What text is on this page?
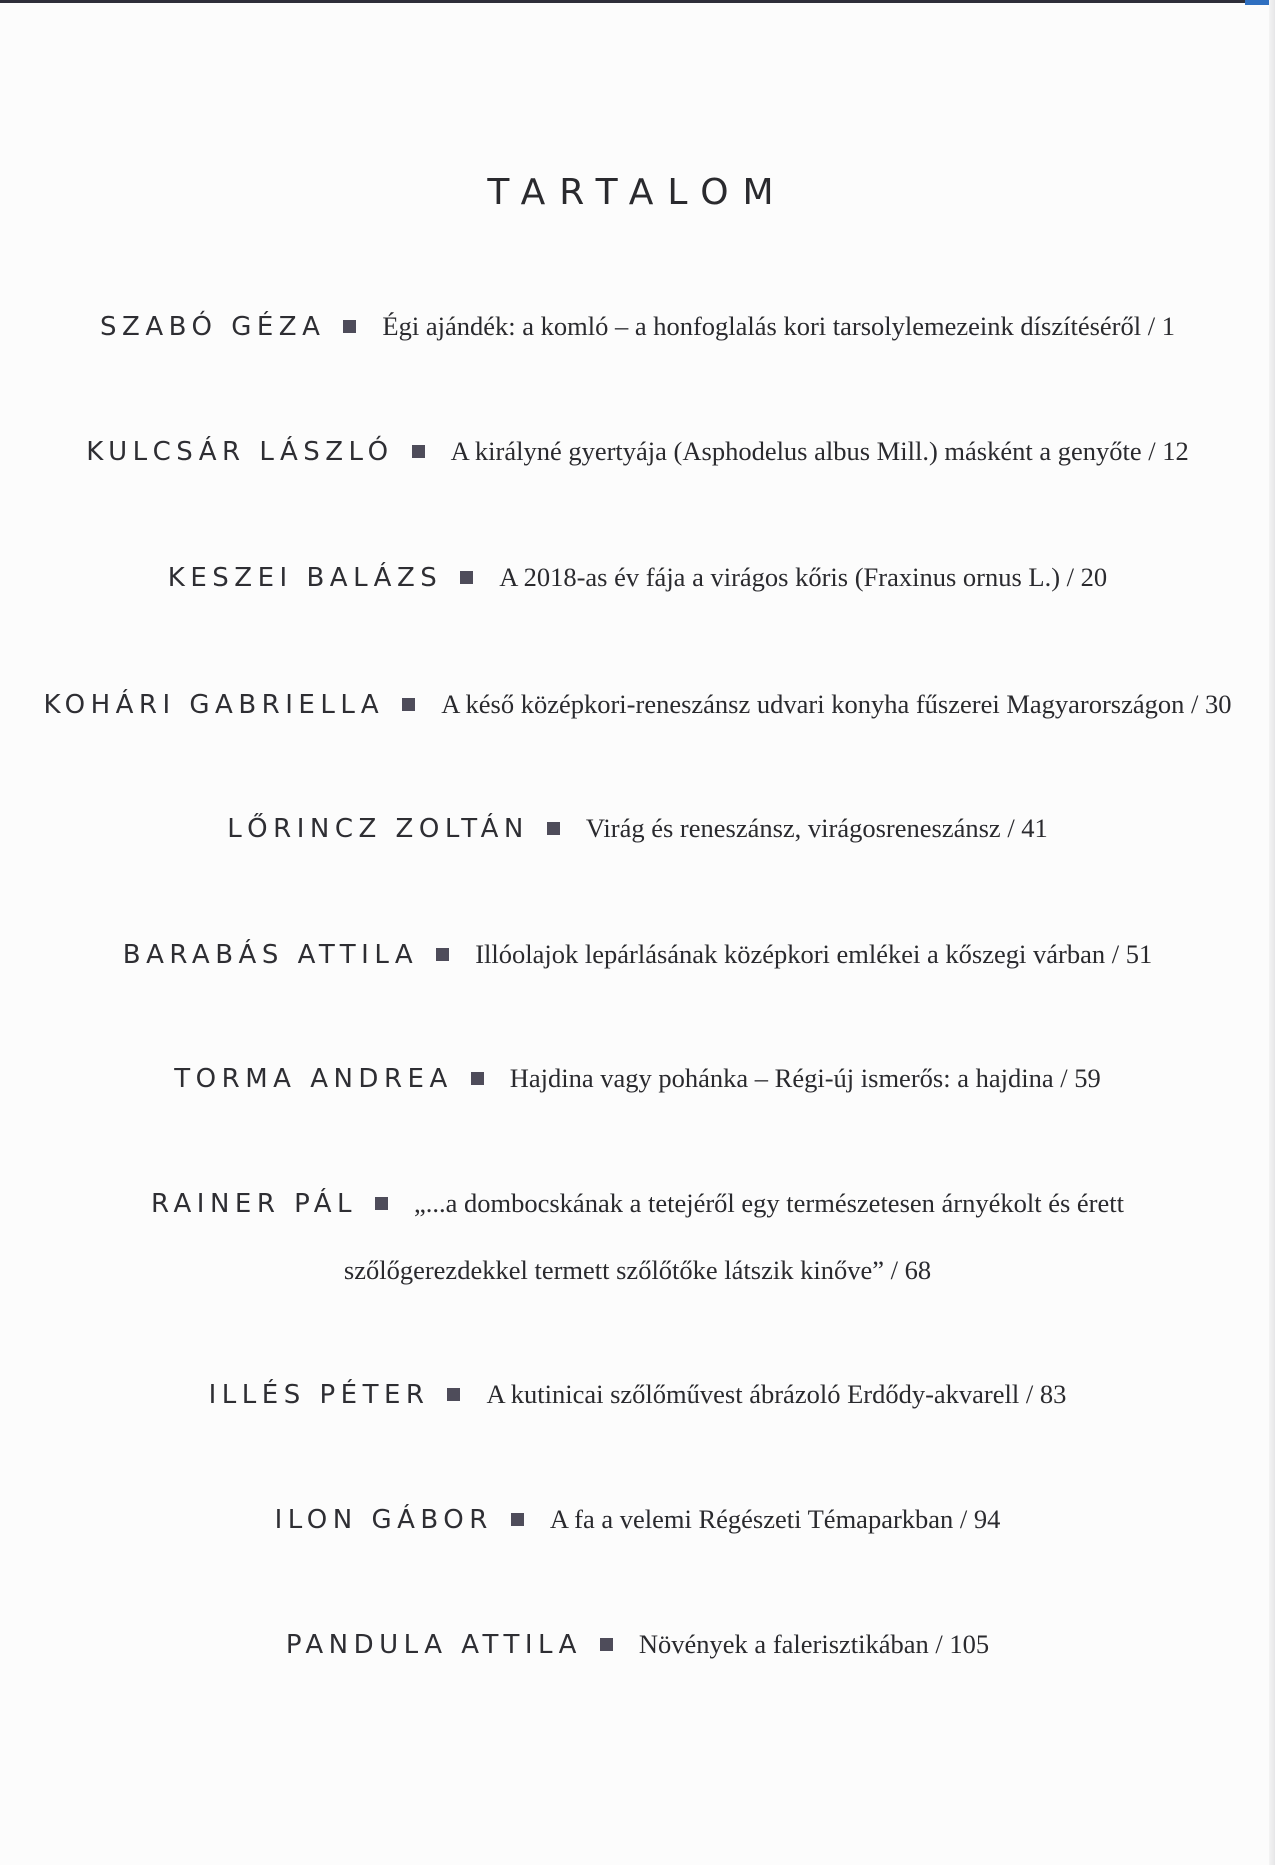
TARTALOM
SZABÓ GÉZA Égi ajándék: a komló – a honfoglalás kori tarsolylemezeink díszítéséről / 1
KULCSÁR LÁSZLÓ A királyné gyertyája (Asphodelus albus Mill.) másként a genyőte / 12
KESZEI BALÁZS A 2018-as év fája a virágos kőris (Fraxinus ornus L.) / 20
KOHÁRI GABRIELLA A késő középkori-reneszánsz udvari konyha fűszerei Magyarországon / 30
LŐRINCZ ZOLTÁN Virág és reneszánsz, virágosreneszánsz / 41
BARABÁS ATTILA Illóolajok lepárlásának középkori emlékei a kőszegi várban / 51
TORMA ANDREA Hajdina vagy pohánka – Régi-új ismerős: a hajdina / 59
RAINER PÁL „...a dombocskának a tetejéről egy természetesen árnyékolt és érett
szőlőgerezdekkel termett szőlőtőke látszik kinőve” / 68
ILLÉS PÉTER A kutinicai szőlőművest ábrázoló Erdődy-akvarell / 83
ILON GÁBOR A fa a velemi Régészeti Témaparkban / 94
PANDULA ATTILA Növények a falerisztikában / 105
